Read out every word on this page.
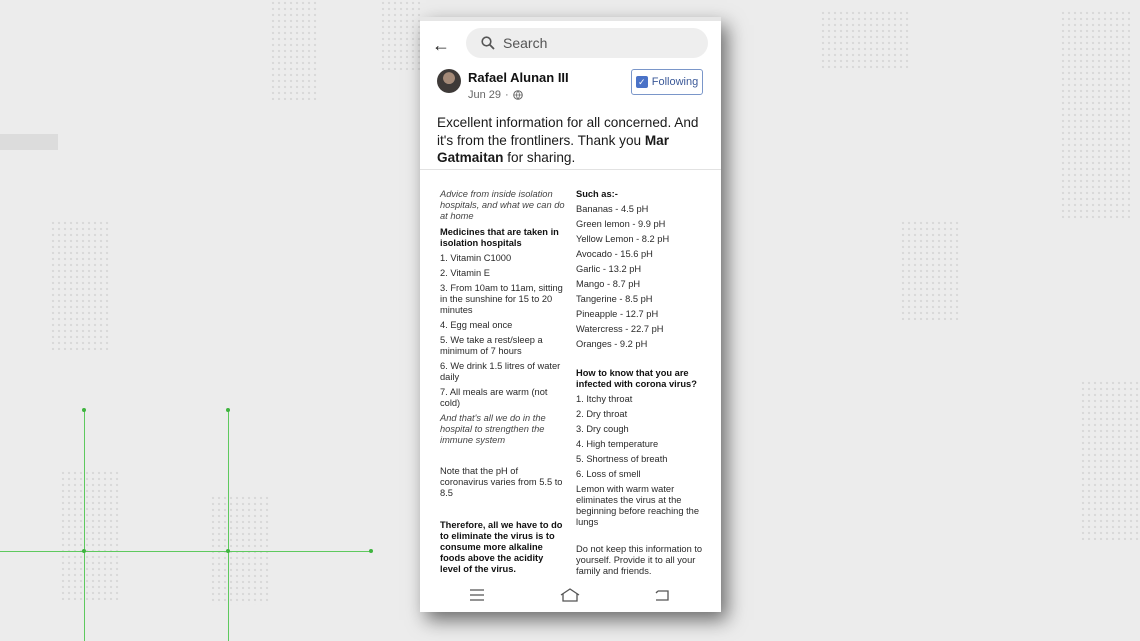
←	Search
Rafael Alunan III
Jun 29 ·
✓ Following
Excellent information for all concerned. And it's from the frontliners. Thank you Mar Gatmaitan for sharing.

Advice from inside isolation hospitals, and what we can do at home

Medicines that are taken in isolation hospitals

1. Vitamin C1000

2. Vitamin E

3. From 10am to 11am, sitting in the sunshine for 15 to 20 minutes

4. Egg meal once

5. We take a rest/sleep a minimum of 7 hours

6. We drink 1.5 litres of water daily

7. All meals are warm (not cold)

And that's all we do in the hospital to strengthen the immune system

Note that the pH of coronavirus varies from 5.5 to 8.5

Therefore, all we have to do to eliminate the virus is to consume more alkaline foods above the acidity level of the virus.

Such as:-

Bananas - 4.5 pH

Green lemon - 9.9 pH

Yellow Lemon - 8.2 pH

Avocado - 15.6 pH

Garlic - 13.2 pH

Mango - 8.7 pH

Tangerine - 8.5 pH

Pineapple - 12.7 pH

Watercress - 22.7 pH

Oranges - 9.2 pH

How to know that you are infected with corona virus?

1. Itchy throat

2. Dry throat

3. Dry cough

4. High temperature

5. Shortness of breath

6. Loss of smell

Lemon with warm water eliminates the virus at the beginning before reaching the lungs

Do not keep this information to yourself. Provide it to all your family and friends.
